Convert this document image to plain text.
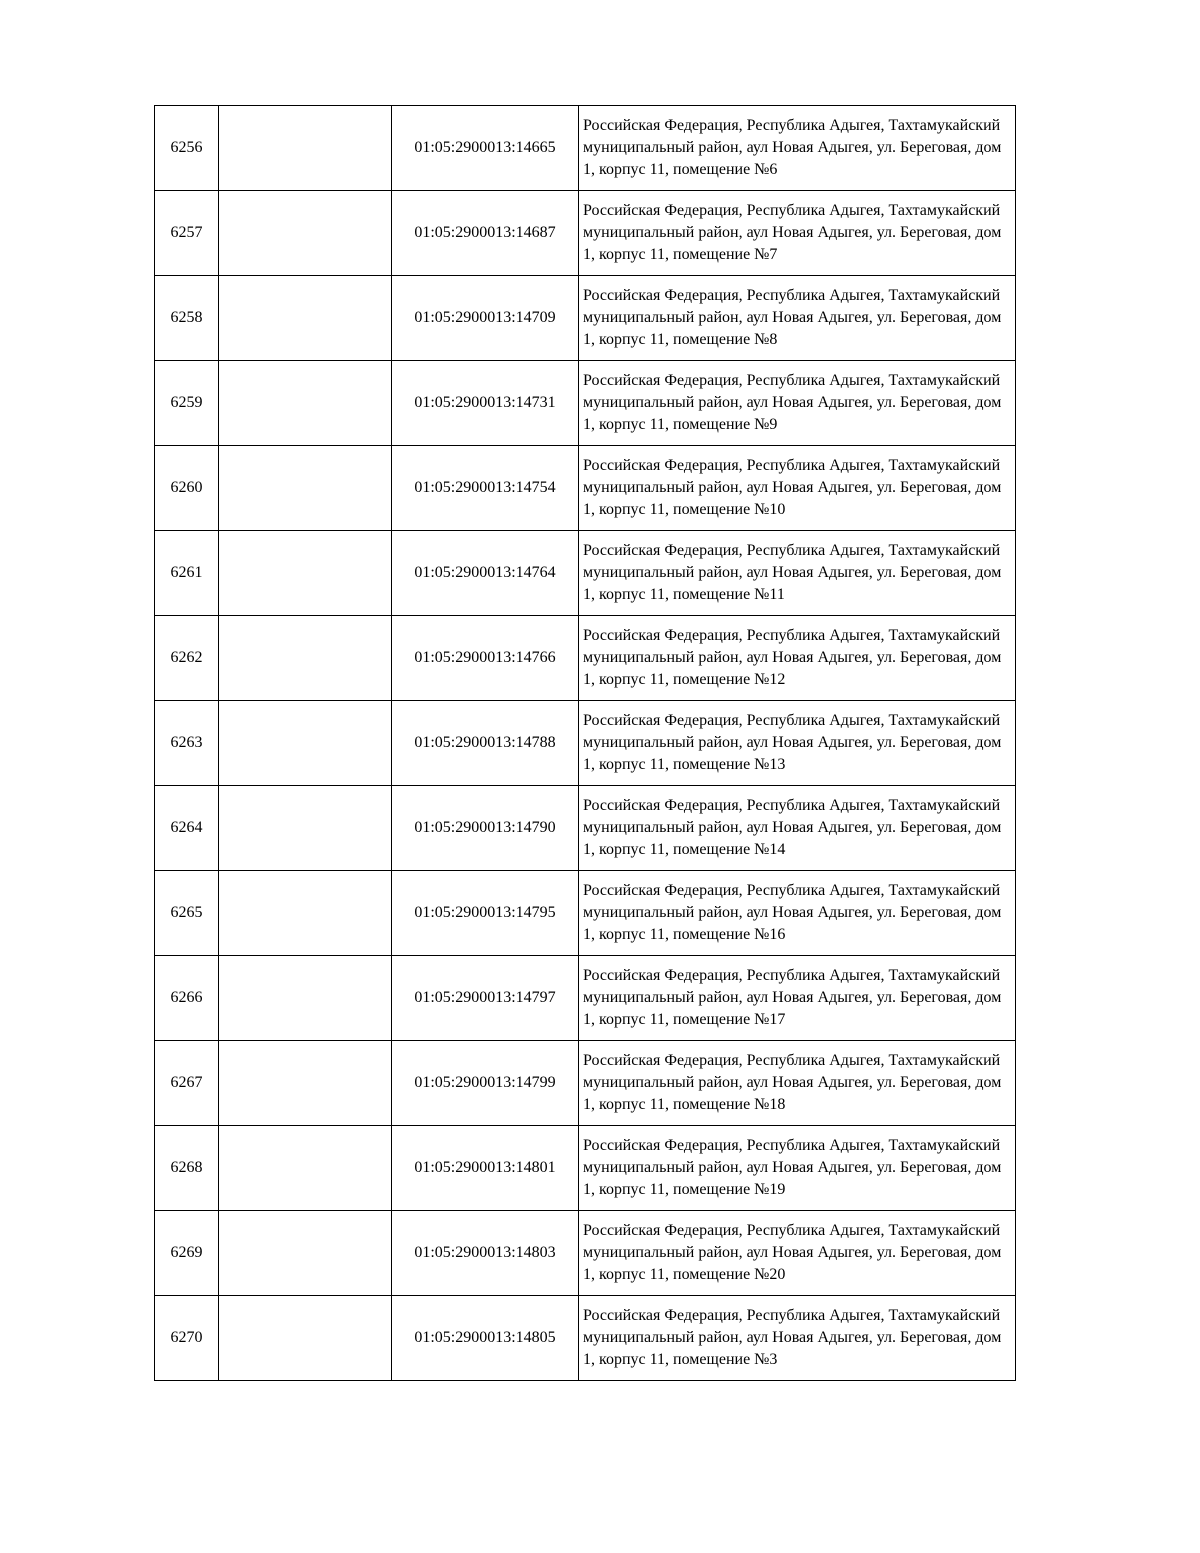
6256		01:05:2900013:14665	Российская Федерация, Республика Адыгея, Тахтамукайский муниципальный район, аул Новая Адыгея, ул. Береговая, дом 1, корпус 11, помещение №6

6257		01:05:2900013:14687	Российская Федерация, Республика Адыгея, Тахтамукайский муниципальный район, аул Новая Адыгея, ул. Береговая, дом 1, корпус 11, помещение №7

6258		01:05:2900013:14709	Российская Федерация, Республика Адыгея, Тахтамукайский муниципальный район, аул Новая Адыгея, ул. Береговая, дом 1, корпус 11, помещение №8

6259		01:05:2900013:14731	Российская Федерация, Республика Адыгея, Тахтамукайский муниципальный район, аул Новая Адыгея, ул. Береговая, дом 1, корпус 11, помещение №9

6260		01:05:2900013:14754	Российская Федерация, Республика Адыгея, Тахтамукайский муниципальный район, аул Новая Адыгея, ул. Береговая, дом 1, корпус 11, помещение №10

6261		01:05:2900013:14764	Российская Федерация, Республика Адыгея, Тахтамукайский муниципальный район, аул Новая Адыгея, ул. Береговая, дом 1, корпус 11, помещение №11

6262		01:05:2900013:14766	Российская Федерация, Республика Адыгея, Тахтамукайский муниципальный район, аул Новая Адыгея, ул. Береговая, дом 1, корпус 11, помещение №12

6263		01:05:2900013:14788	Российская Федерация, Республика Адыгея, Тахтамукайский муниципальный район, аул Новая Адыгея, ул. Береговая, дом 1, корпус 11, помещение №13

6264		01:05:2900013:14790	Российская Федерация, Республика Адыгея, Тахтамукайский муниципальный район, аул Новая Адыгея, ул. Береговая, дом 1, корпус 11, помещение №14

6265		01:05:2900013:14795	Российская Федерация, Республика Адыгея, Тахтамукайский муниципальный район, аул Новая Адыгея, ул. Береговая, дом 1, корпус 11, помещение №16

6266		01:05:2900013:14797	Российская Федерация, Республика Адыгея, Тахтамукайский муниципальный район, аул Новая Адыгея, ул. Береговая, дом 1, корпус 11, помещение №17

6267		01:05:2900013:14799	Российская Федерация, Республика Адыгея, Тахтамукайский муниципальный район, аул Новая Адыгея, ул. Береговая, дом 1, корпус 11, помещение №18

6268		01:05:2900013:14801	Российская Федерация, Республика Адыгея, Тахтамукайский муниципальный район, аул Новая Адыгея, ул. Береговая, дом 1, корпус 11, помещение №19

6269		01:05:2900013:14803	Российская Федерация, Республика Адыгея, Тахтамукайский муниципальный район, аул Новая Адыгея, ул. Береговая, дом 1, корпус 11, помещение №20

6270		01:05:2900013:14805	Российская Федерация, Республика Адыгея, Тахтамукайский муниципальный район, аул Новая Адыгея, ул. Береговая, дом 1, корпус 11, помещение №3
